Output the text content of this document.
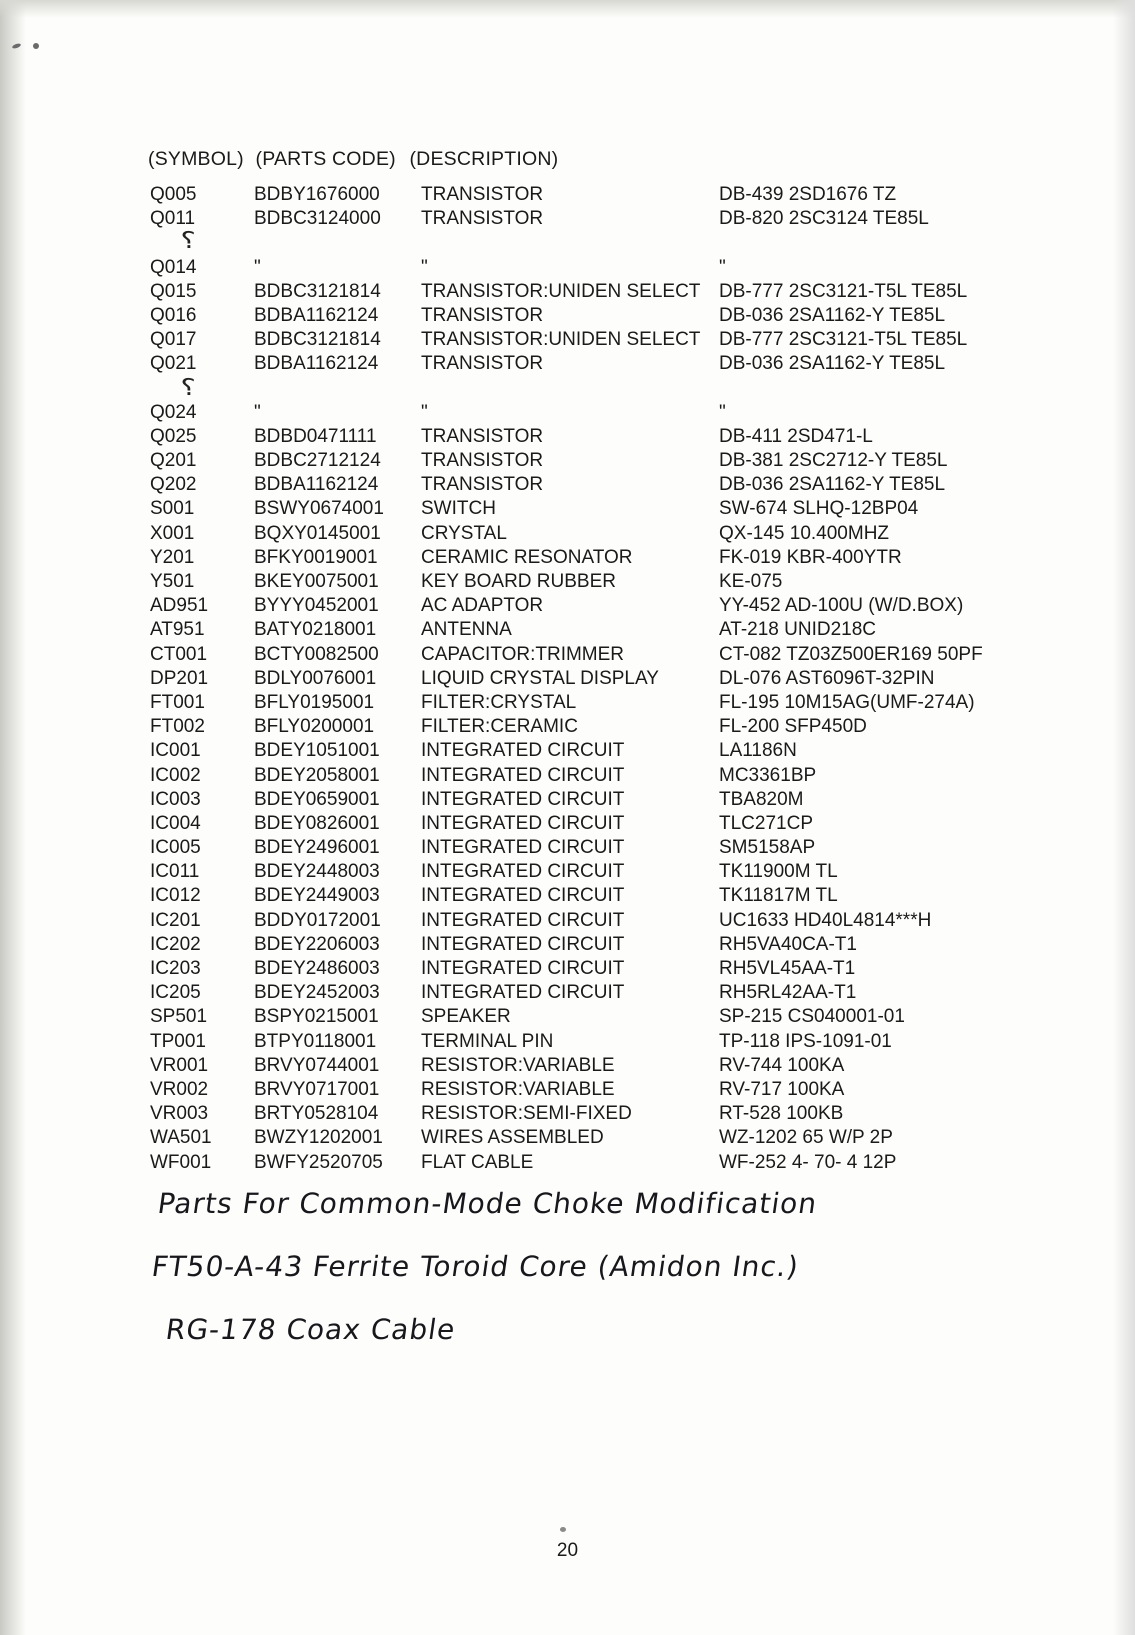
(SYMBOL) (PARTS CODE) (DESCRIPTION)
Q005	BDBY1676000	TRANSISTOR	DB-439 2SD1676 TZ
Q011	BDBC3124000	TRANSISTOR	DB-820 2SC3124 TE85L

Q014	"	"	"
Q015	BDBC3121814	TRANSISTOR:UNIDEN SELECT	DB-777 2SC3121-T5L TE85L
Q016	BDBA1162124	TRANSISTOR	DB-036 2SA1162-Y TE85L
Q017	BDBC3121814	TRANSISTOR:UNIDEN SELECT	DB-777 2SC3121-T5L TE85L
Q021	BDBA1162124	TRANSISTOR	DB-036 2SA1162-Y TE85L

Q024	"	"	"
Q025	BDBD0471111	TRANSISTOR	DB-411 2SD471-L
Q201	BDBC2712124	TRANSISTOR	DB-381 2SC2712-Y TE85L
Q202	BDBA1162124	TRANSISTOR	DB-036 2SA1162-Y TE85L
S001	BSWY0674001	SWITCH	SW-674 SLHQ-12BP04
X001	BQXY0145001	CRYSTAL	QX-145 10.400MHZ
Y201	BFKY0019001	CERAMIC RESONATOR	FK-019 KBR-400YTR
Y501	BKEY0075001	KEY BOARD RUBBER	KE-075
AD951	BYYY0452001	AC ADAPTOR	YY-452 AD-100U (W/D.BOX)
AT951	BATY0218001	ANTENNA	AT-218 UNID218C
CT001	BCTY0082500	CAPACITOR:TRIMMER	CT-082 TZ03Z500ER169 50PF
DP201	BDLY0076001	LIQUID CRYSTAL DISPLAY	DL-076 AST6096T-32PIN
FT001	BFLY0195001	FILTER:CRYSTAL	FL-195 10M15AG(UMF-274A)
FT002	BFLY0200001	FILTER:CERAMIC	FL-200 SFP450D
IC001	BDEY1051001	INTEGRATED CIRCUIT	LA1186N
IC002	BDEY2058001	INTEGRATED CIRCUIT	MC3361BP
IC003	BDEY0659001	INTEGRATED CIRCUIT	TBA820M
IC004	BDEY0826001	INTEGRATED CIRCUIT	TLC271CP
IC005	BDEY2496001	INTEGRATED CIRCUIT	SM5158AP
IC011	BDEY2448003	INTEGRATED CIRCUIT	TK11900M TL
IC012	BDEY2449003	INTEGRATED CIRCUIT	TK11817M TL
IC201	BDDY0172001	INTEGRATED CIRCUIT	UC1633 HD40L4814***H
IC202	BDEY2206003	INTEGRATED CIRCUIT	RH5VA40CA-T1
IC203	BDEY2486003	INTEGRATED CIRCUIT	RH5VL45AA-T1
IC205	BDEY2452003	INTEGRATED CIRCUIT	RH5RL42AA-T1
SP501	BSPY0215001	SPEAKER	SP-215 CS040001-01
TP001	BTPY0118001	TERMINAL PIN	TP-118 IPS-1091-01
VR001	BRVY0744001	RESISTOR:VARIABLE	RV-744 100KA
VR002	BRVY0717001	RESISTOR:VARIABLE	RV-717 100KA
VR003	BRTY0528104	RESISTOR:SEMI-FIXED	RT-528 100KB
WA501	BWZY1202001	WIRES ASSEMBLED	WZ-1202 65 W/P 2P
WF001	BWFY2520705	FLAT CABLE	WF-252 4- 70- 4 12P
⸮
⸮
Parts For Common-Mode Choke Modification
FT50-A-43 Ferrite Toroid Core (Amidon Inc.)
RG-178 Coax Cable
20
